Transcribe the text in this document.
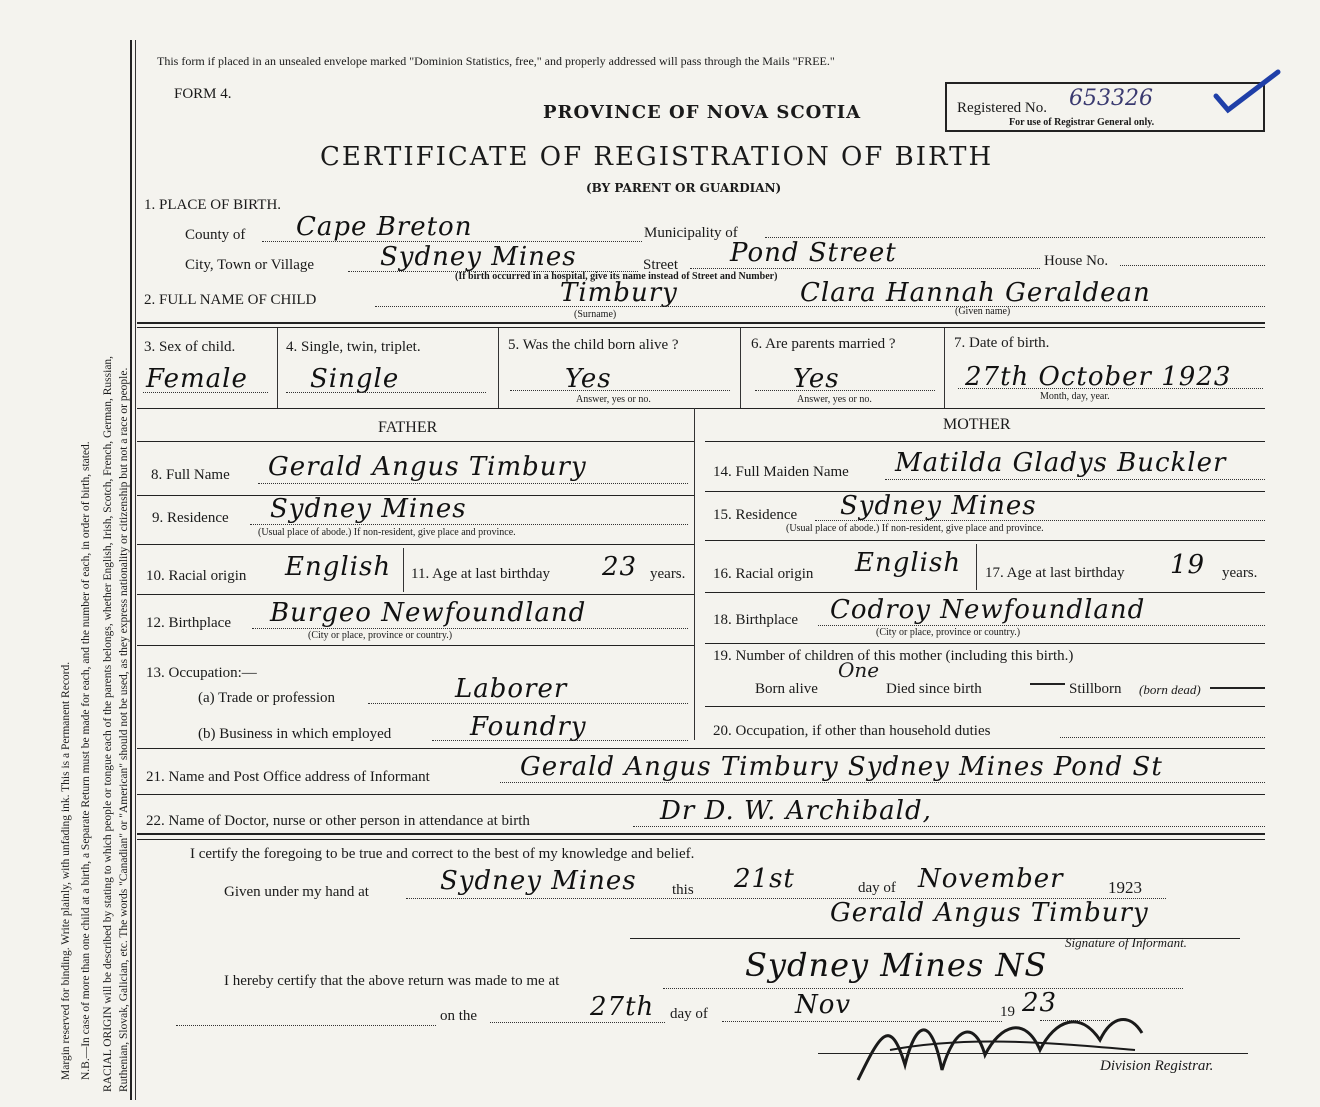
Margin reserved for binding. Write plainly, with unfading ink. This is a Permanent Record. N.B.—In case of more than one child at a birth, a Separate Return must be made for each, and the number of each, in order of birth, stated. RACIAL ORIGIN will be described by stating to which people or tongue each of the parents belongs, whether English, Irish, Scotch, French, German, Russian, Ruthenian, Slovak, Galician, etc. The words "Canadian" or "American" should not be used, as they express nationality or citizenship but not a race or people.
This form if placed in an unsealed envelope marked "Dominion Statistics, free," and properly addressed will pass through the Mails "FREE."
FORM 4.
PROVINCE OF NOVA SCOTIA
CERTIFICATE OF REGISTRATION OF BIRTH
(BY PARENT OR GUARDIAN)
Registered No. 653326
For use of Registrar General only.
1. PLACE OF BIRTH.
County of Cape Breton	Municipality of
City, Town or Village	Sydney Mines	Street Pond Street	House No.
(If birth occurred in a hospital, give its name instead of Street and Number)
2. FULL NAME OF CHILD	Timbury	Clara Hannah Geraldean
(Surname)	(Given name)
3. Sex of child.
Female
4. Single, twin, triplet.
Single
5. Was the child born alive ?
Yes
Answer, yes or no.
6. Are parents married ?
Yes
Answer, yes or no.
7. Date of birth.
27th October 1923
Month, day, year.
FATHER	MOTHER
8. Full Name Gerald Angus Timbury
9. Residence Sydney Mines
(Usual place of abode.) If non-resident, give place and province.
10. Racial origin English 11. Age at last birthday 23 years.
12. Birthplace Burgeo Newfoundland
(City or place, province or country.)
13. Occupation:—
(a) Trade or profession	Laborer
(b) Business in which employed	Foundry
14. Full Maiden Name Matilda Gladys Buckler
15. Residence Sydney Mines
(Usual place of abode.) If non-resident, give place and province.
16. Racial origin English 17. Age at last birthday 19 years.
18. Birthplace Codroy Newfoundland
(City or place, province or country.)
19. Number of children of this mother (including this birth.)
Born alive
One
Died since birth	Stillborn (born dead)
20. Occupation, if other than household duties
21. Name and Post Office address of Informant	Gerald Angus Timbury Sydney Mines Pond St
22. Name of Doctor, nurse or other person in attendance at birth	Dr D. W. Archibald,
I certify the foregoing to be true and correct to the best of my knowledge and belief.
Given under my hand at	Sydney Mines this 21st	day of November	1923
Gerald Angus Timbury
Signature of Informant.
I hereby certify that the above return was made to me at	Sydney Mines NS
on the	27th day of	Nov	19 23
Division Registrar.
